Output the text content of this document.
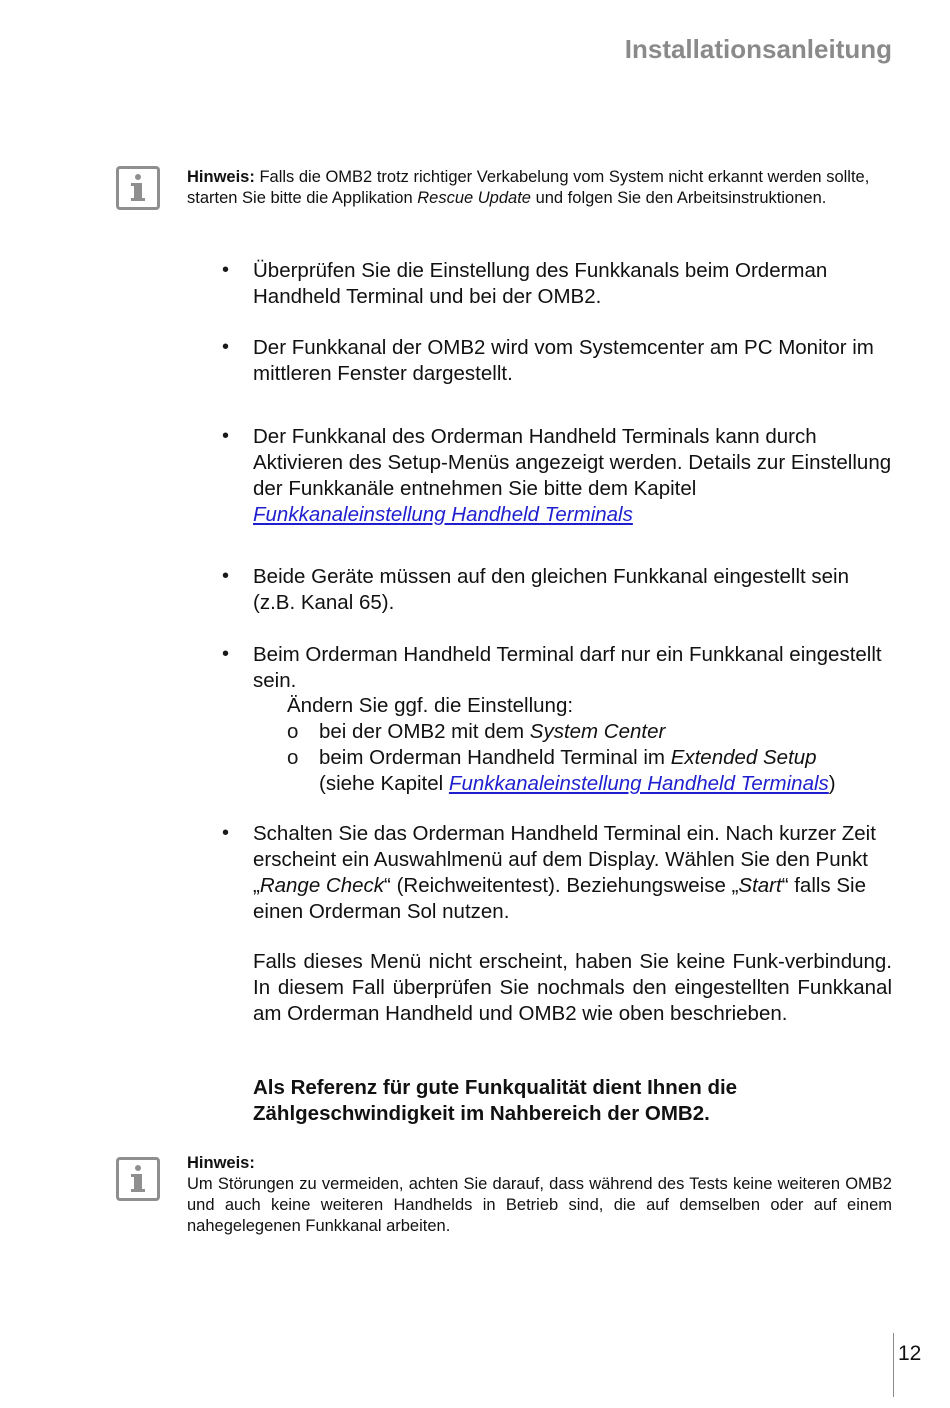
Installationsanleitung
Hinweis: Falls die OMB2 trotz richtiger Verkabelung vom System nicht erkannt werden sollte, starten Sie bitte die Applikation Rescue Update und folgen Sie den Arbeitsinstruktionen.
•	Überprüfen Sie die Einstellung des Funkkanals beim Orderman Handheld Terminal und bei der OMB2.
•	Der Funkkanal der OMB2 wird vom Systemcenter am PC Monitor im mittleren Fenster dargestellt.
•	Der Funkkanal des Orderman Handheld Terminals kann durch Aktivieren des Setup-Menüs angezeigt werden. Details zur Einstellung der Funkkanäle entnehmen Sie bitte dem Kapitel Funkkanaleinstellung Handheld Terminals
•	Beide Geräte müssen auf den gleichen Funkkanal eingestellt sein (z.B. Kanal 65).
•	Beim Orderman Handheld Terminal darf nur ein Funkkanal eingestellt sein.
Ändern Sie ggf. die Einstellung:
o bei der OMB2 mit dem System Center
o beim Orderman Handheld Terminal im Extended Setup
(siehe Kapitel Funkkanaleinstellung Handheld Terminals)
•	Schalten Sie das Orderman Handheld Terminal ein. Nach kurzer Zeit erscheint ein Auswahlmenü auf dem Display. Wählen Sie den Punkt „Range Check“ (Reichweitentest). Beziehungsweise „Start“ falls Sie einen Orderman Sol nutzen.
Falls dieses Menü nicht erscheint, haben Sie keine Funk-verbindung. In diesem Fall überprüfen Sie nochmals den eingestellten Funkkanal am Orderman Handheld und OMB2 wie oben beschrieben.
Als Referenz für gute Funkqualität dient Ihnen die Zählgeschwindigkeit im Nahbereich der OMB2.
Hinweis:
Um Störungen zu vermeiden, achten Sie darauf, dass während des Tests keine weiteren OMB2 und auch keine weiteren Handhelds in Betrieb sind, die auf demselben oder auf einem nahegelegenen Funkkanal arbeiten.
12
